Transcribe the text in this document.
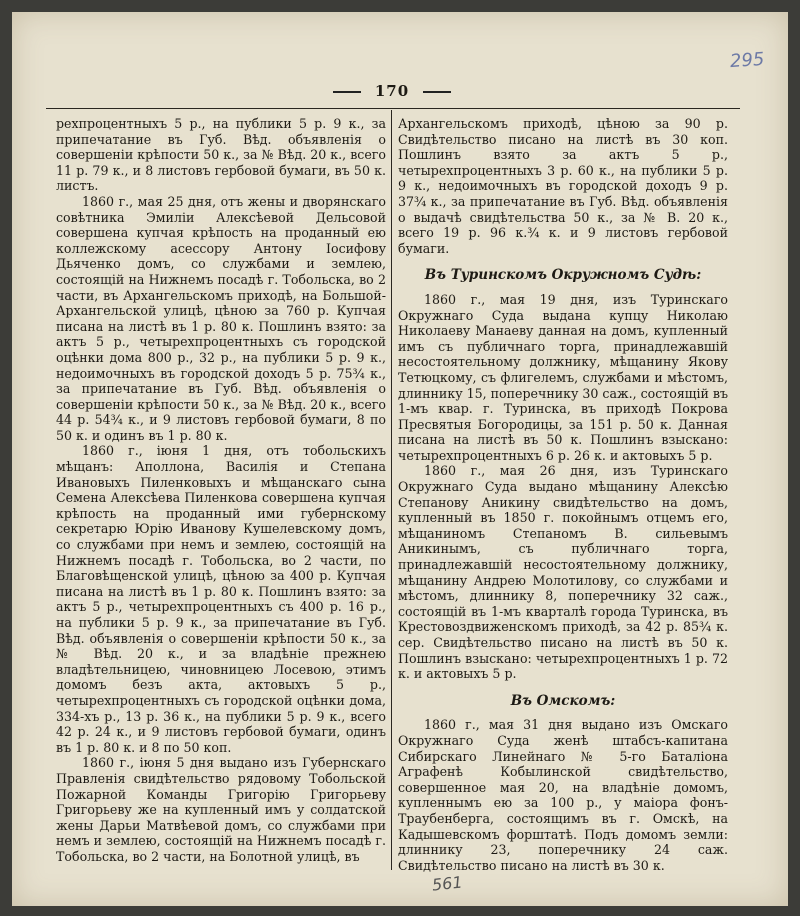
295
170

рехпроцентныхъ 5 р., на публики 5 р. 9 к., за припечатание въ Губ. Вѣд. объявленія о совершеніи крѣпости 50 к., за № Вѣд. 20 к., всего 11 р. 79 к., и 8 листовъ гербовой бумаги, въ 50 к. листъ.

1860 г., мая 25 дня, отъ жены и дворянскаго совѣтника Эмиліи Алексѣевой Дельсовой совершена купчая крѣпость на проданный ею коллежскому асессору Антону Іосифову Дьяченко домъ, со службами и землею, состоящій на Нижнемъ посадѣ г. Тобольска, во 2 части, въ Архангельскомъ приходѣ, на Большой-Архангельской улицѣ, цѣною за 760 р. Купчая писана на листѣ въ 1 р. 80 к. Пошлинъ взято: за актъ 5 р., четырехпроцентныхъ съ городской оцѣнки дома 800 р., 32 р., на публики 5 р. 9 к., недоимочныхъ въ городской доходъ 5 р. 75¾ к., за припечатание въ Губ. Вѣд. объявленія о совершеніи крѣпости 50 к., за № Вѣд. 20 к., всего 44 р. 54¾ к., и 9 листовъ гербовой бумаги, 8 по 50 к. и одинъ въ 1 р. 80 к.

1860 г., іюня 1 дня, отъ тобольскихъ мѣщанъ: Аполлона, Василія и Степана Ивановыхъ Пиленковыхъ и мѣщанскаго сына Семена Алексѣева Пиленкова совершена купчая крѣпость на проданный ими губернскому секретарю Юрію Иванову Кушелевскому домъ, со службами при немъ и землею, состоящій на Нижнемъ посадѣ г. Тобольска, во 2 части, по Благовѣщенской улицѣ, цѣною за 400 р. Купчая писана на листѣ въ 1 р. 80 к. Пошлинъ взято: за актъ 5 р., четырехпроцентныхъ съ 400 р. 16 р., на публики 5 р. 9 к., за припечатание въ Губ. Вѣд. объявленія о совершеніи крѣпости 50 к., за № Вѣд. 20 к., и за владѣніе прежнею владѣтельницею, чиновницею Лосевою, этимъ домомъ безъ акта, актовыхъ 5 р., четырехпроцентныхъ съ городской оцѣнки дома, 334-хъ р., 13 р. 36 к., на публики 5 р. 9 к., всего 42 р. 24 к., и 9 листовъ гербовой бумаги, одинъ въ 1 р. 80 к. и 8 по 50 коп.

1860 г., іюня 5 дня выдано изъ Губернскаго Правленія свидѣтельство рядовому Тобольской Пожарной Команды Григорію Григорьеву Григорьеву же на купленный имъ у солдатской жены Дарьи Матвѣевой домъ, со службами при немъ и землею, состоящій на Нижнемъ посадѣ г. Тобольска, во 2 части, на Болотной улицѣ, въ

Архангельскомъ приходѣ, цѣною за 90 р. Свидѣтельство писано на листѣ въ 30 коп. Пошлинъ взято за актъ 5 р., четырехпроцентныхъ 3 р. 60 к., на публики 5 р. 9 к., недоимочныхъ въ городской доходъ 9 р. 37¾ к., за припечатание въ Губ. Вѣд. объявленія о выдачѣ свидѣтельства 50 к., за № В. 20 к., всего 19 р. 96 к.¾ к. и 9 листовъ гербовой бумаги.

Въ Туринскомъ Окружномъ Судѣ:

1860 г., мая 19 дня, изъ Туринскаго Окружнаго Суда выдана купцу Николаю Николаеву Манаеву данная на домъ, купленный имъ съ публичнаго торга, принадлежавшій несостоятельному должнику, мѣщанину Якову Тетюцкому, съ флигелемъ, службами и мѣстомъ, длиннику 15, поперечнику 30 саж., состоящій въ 1-мъ квар. г. Туринска, въ приходѣ Покрова Пресвятыя Богородицы, за 151 р. 50 к. Данная писана на листѣ въ 50 к. Пошлинъ взыскано: четырехпроцентныхъ 6 р. 26 к. и актовыхъ 5 р.

1860 г., мая 26 дня, изъ Туринскаго Окружнаго Суда выдано мѣщанину Алексѣю Степанову Аникину свидѣтельство на домъ, купленный въ 1850 г. покойнымъ отцемъ его, мѣщаниномъ Степаномъ В. сильевымъ Аникинымъ, съ публичнаго торга, принадлежавшій несостоятельному должнику, мѣщанину Андрею Молотилову, со службами и мѣстомъ, длиннику 8, поперечнику 32 саж., состоящій въ 1-мъ кварталѣ города Туринска, въ Крестовоздвиженскомъ приходѣ, за 42 р. 85¾ к. сер. Свидѣтельство писано на листѣ въ 50 к. Пошлинъ взыскано: четырехпроцентныхъ 1 р. 72 к. и актовыхъ 5 р.

Въ Омскомъ:

1860 г., мая 31 дня выдано изъ Омскаго Окружнаго Суда женѣ штабсъ-капитана Сибирскаго Линейнаго № 5-го Баталіона Аграфенѣ Кобылинской свидѣтельство, совершенное мая 20, на владѣніе домомъ, купленнымъ ею за 100 р., у маіора фонъ-Траубенберга, состоящимъ въ г. Омскѣ, на Кадышевскомъ форштатѣ. Подъ домомъ земли: длиннику 23, поперечнику 24 саж. Свидѣтельство писано на листѣ въ 30 к.

561
